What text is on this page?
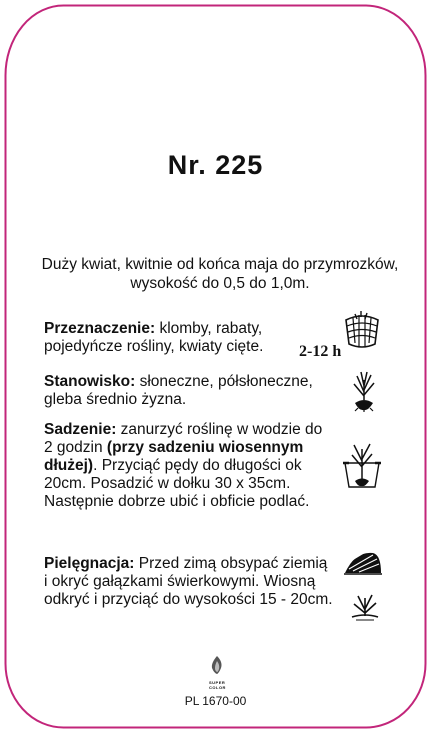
Nr. 225
Duży kwiat, kwitnie od końca maja do przymrozków, wysokość do 0,5 do 1,0m.
Przeznaczenie: klomby, rabaty, pojedyńcze rośliny, kwiaty cięte.
Stanowisko: słoneczne, półsłoneczne, gleba średnio żyzna.
Sadzenie: zanurzyć roślinę w wodzie do 2 godzin (przy sadzeniu wiosennym dłużej). Przyciąć pędy do długości ok 20cm. Posadzić w dołku 30 x 35cm. Następnie dobrze ubić i obficie podlać.
Pielęgnacja: Przed zimą obsypać ziemią i okryć gałązkami świerkowymi. Wiosną odkryć i przyciąć do wysokości 15 - 20cm.
2-12 h
SUPER
COLOR
PL 1670-00
